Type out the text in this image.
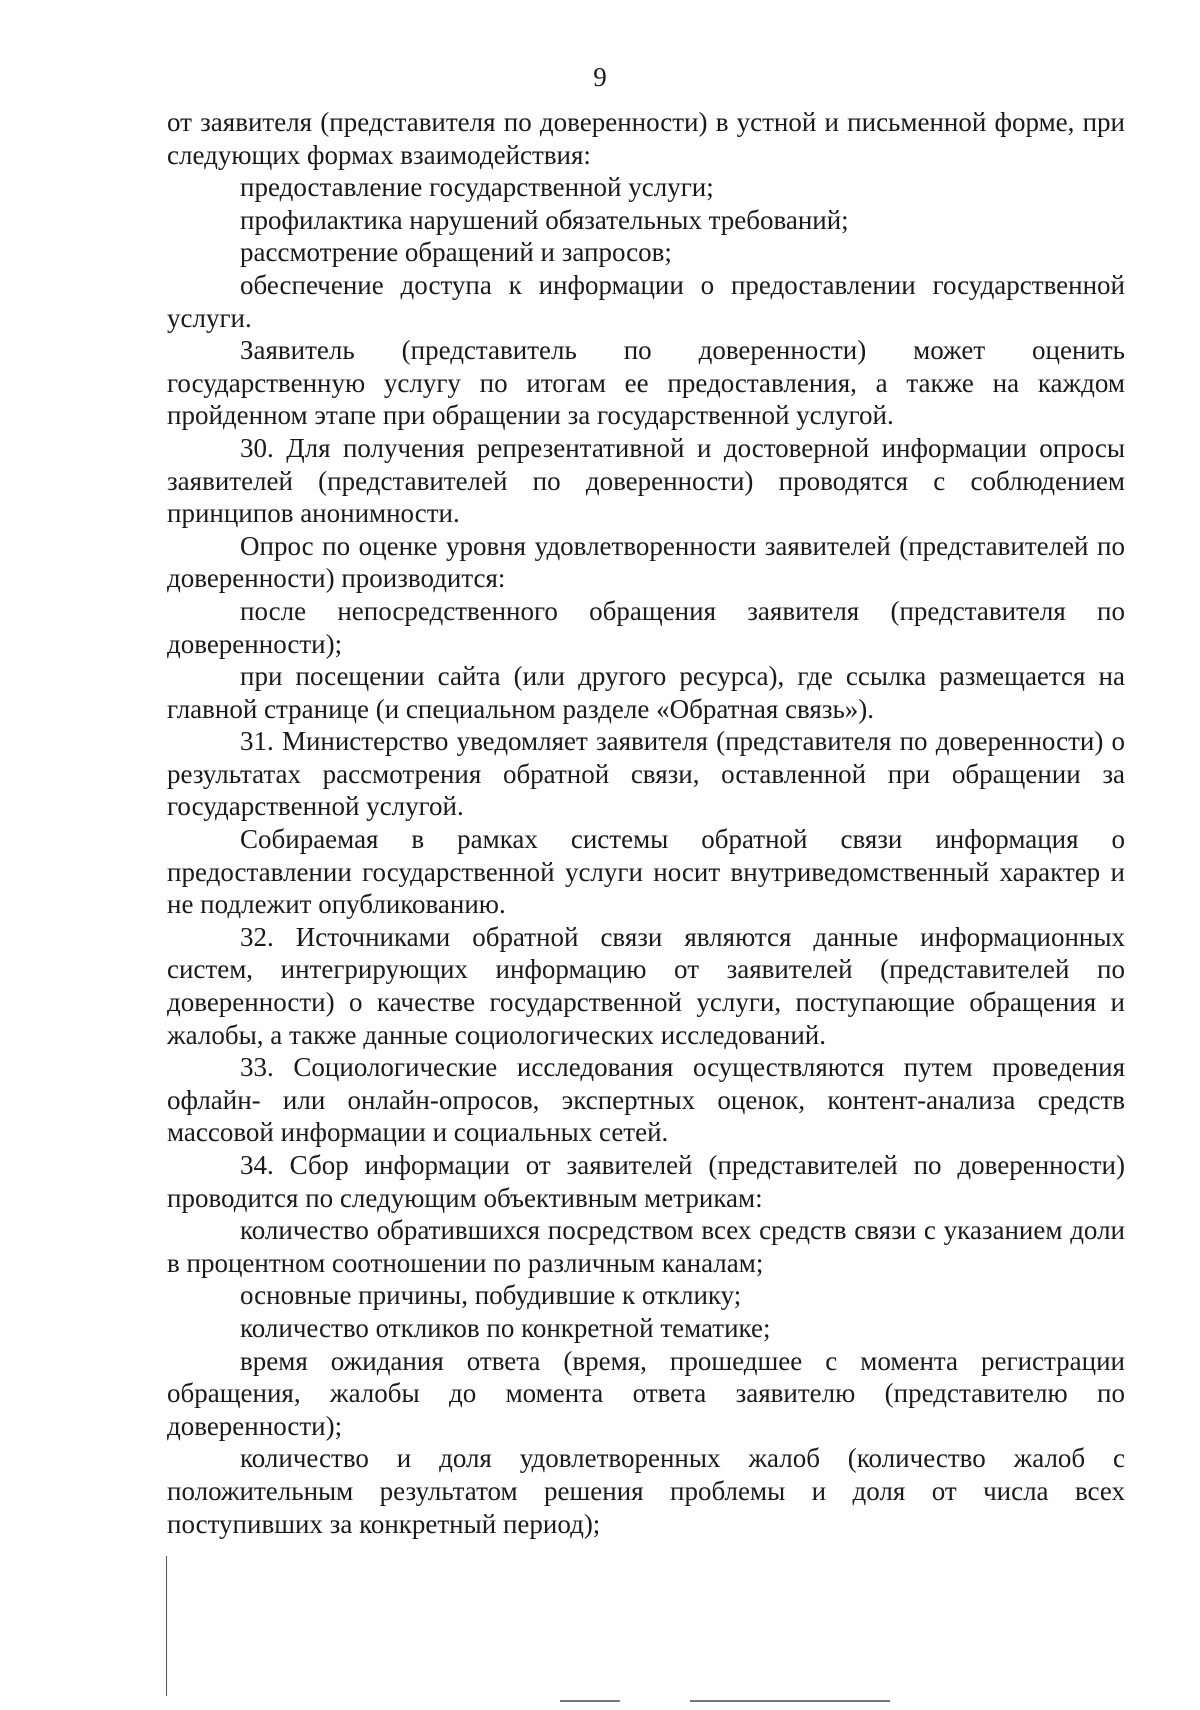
9

от заявителя (представителя по доверенности) в устной и письменной форме, при следующих формах взаимодействия:

предоставление государственной услуги;

профилактика нарушений обязательных требований;

рассмотрение обращений и запросов;

обеспечение доступа к информации о предоставлении государственной услуги.

Заявитель (представитель по доверенности) может оценить государственную услугу по итогам ее предоставления, а также на каждом пройденном этапе при обращении за государственной услугой.

30. Для получения репрезентативной и достоверной информации опросы заявителей (представителей по доверенности) проводятся с соблюдением принципов анонимности.

Опрос по оценке уровня удовлетворенности заявителей (представителей по доверенности) производится:

после непосредственного обращения заявителя (представителя по доверенности);

при посещении сайта (или другого ресурса), где ссылка размещается на главной странице (и специальном разделе «Обратная связь»).

31. Министерство уведомляет заявителя (представителя по доверенности) о результатах рассмотрения обратной связи, оставленной при обращении за государственной услугой.

Собираемая в рамках системы обратной связи информация о предоставлении государственной услуги носит внутриведомственный характер и не подлежит опубликованию.

32. Источниками обратной связи являются данные информационных систем, интегрирующих информацию от заявителей (представителей по доверенности) о качестве государственной услуги, поступающие обращения и жалобы, а также данные социологических исследований.

33. Социологические исследования осуществляются путем проведения офлайн- или онлайн-опросов, экспертных оценок, контент-анализа средств массовой информации и социальных сетей.

34. Сбор информации от заявителей (представителей по доверенности) проводится по следующим объективным метрикам:

количество обратившихся посредством всех средств связи с указанием доли в процентном соотношении по различным каналам;

основные причины, побудившие к отклику;

количество откликов по конкретной тематике;

время ожидания ответа (время, прошедшее с момента регистрации обращения, жалобы до момента ответа заявителю (представителю по доверенности);

количество и доля удовлетворенных жалоб (количество жалоб с положительным результатом решения проблемы и доля от числа всех поступивших за конкретный период);
